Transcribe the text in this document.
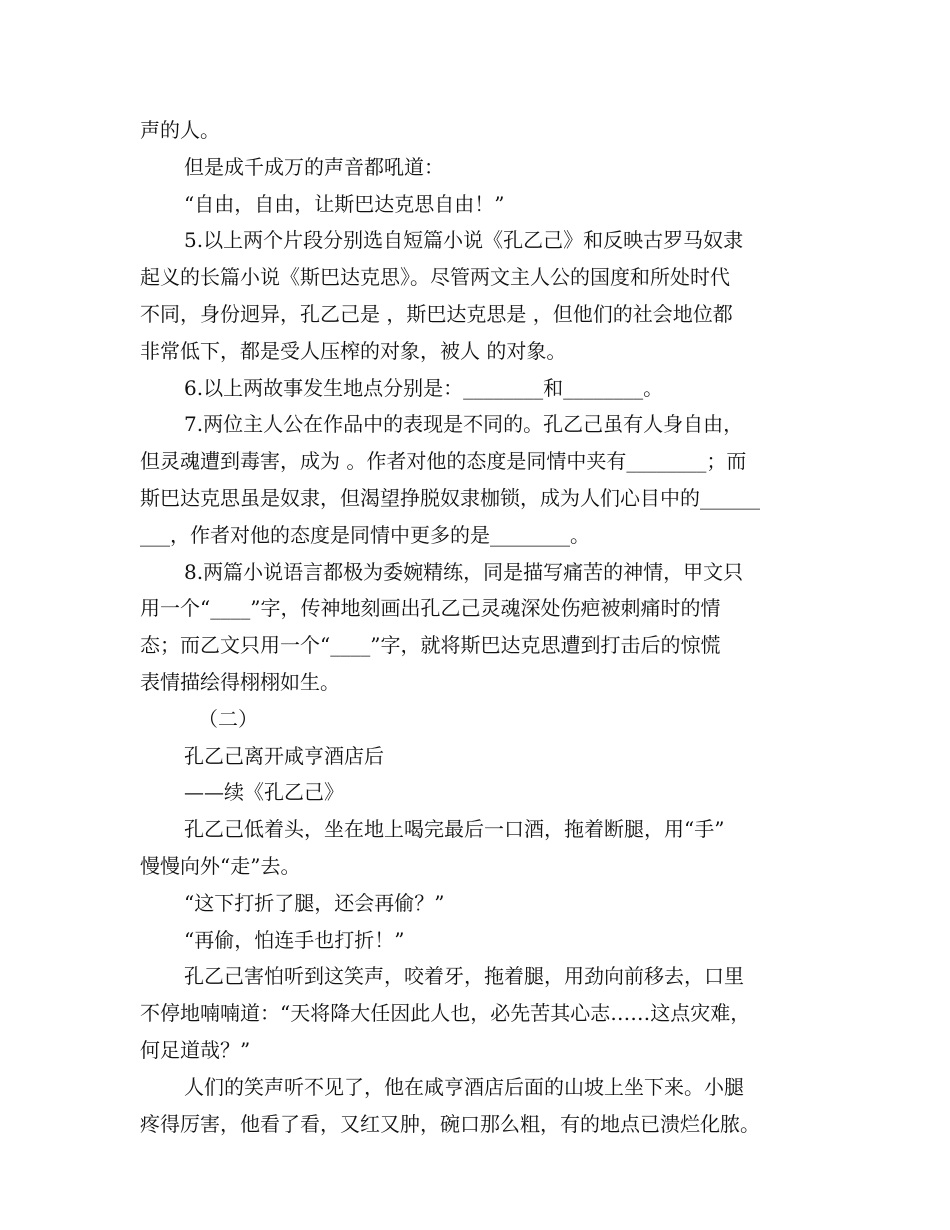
声的人。
但是成千成万的声音都吼道：
“自由，自由，让斯巴达克思自由！”
5.以上两个片段分别选自短篇小说《孔乙己》和反映古罗马奴隶
起义的长篇小说《斯巴达克思》。尽管两文主人公的国度和所处时代
不同，身份迥异，孔乙己是 ，斯巴达克思是 ，但他们的社会地位都
非常低下，都是受人压榨的对象，被人 的对象。
6.以上两故事发生地点分别是：________和________。
7.两位主人公在作品中的表现是不同的。孔乙己虽有人身自由，
但灵魂遭到毒害，成为 。作者对他的态度是同情中夹有________；而
斯巴达克思虽是奴隶，但渴望挣脱奴隶枷锁，成为人们心目中的______
___，作者对他的态度是同情中更多的是________。
8.两篇小说语言都极为委婉精练，同是描写痛苦的神情，甲文只
用一个“____”字，传神地刻画出孔乙己灵魂深处伤疤被刺痛时的情
态；而乙文只用一个“____”字，就将斯巴达克思遭到打击后的惊慌
表情描绘得栩栩如生。
（二）
孔乙己离开咸亨酒店后
——续《孔乙己》
孔乙己低着头，坐在地上喝完最后一口酒，拖着断腿，用“手”
慢慢向外“走”去。
“这下打折了腿，还会再偷？”
“再偷，怕连手也打折！”
孔乙己害怕听到这笑声，咬着牙，拖着腿，用劲向前移去，口里
不停地喃喃道：“天将降大任因此人也，必先苦其心志……这点灾难，
何足道哉？”
人们的笑声听不见了，他在咸亨酒店后面的山坡上坐下来。小腿
疼得厉害，他看了看，又红又肿，碗口那么粗，有的地点已溃烂化脓。
